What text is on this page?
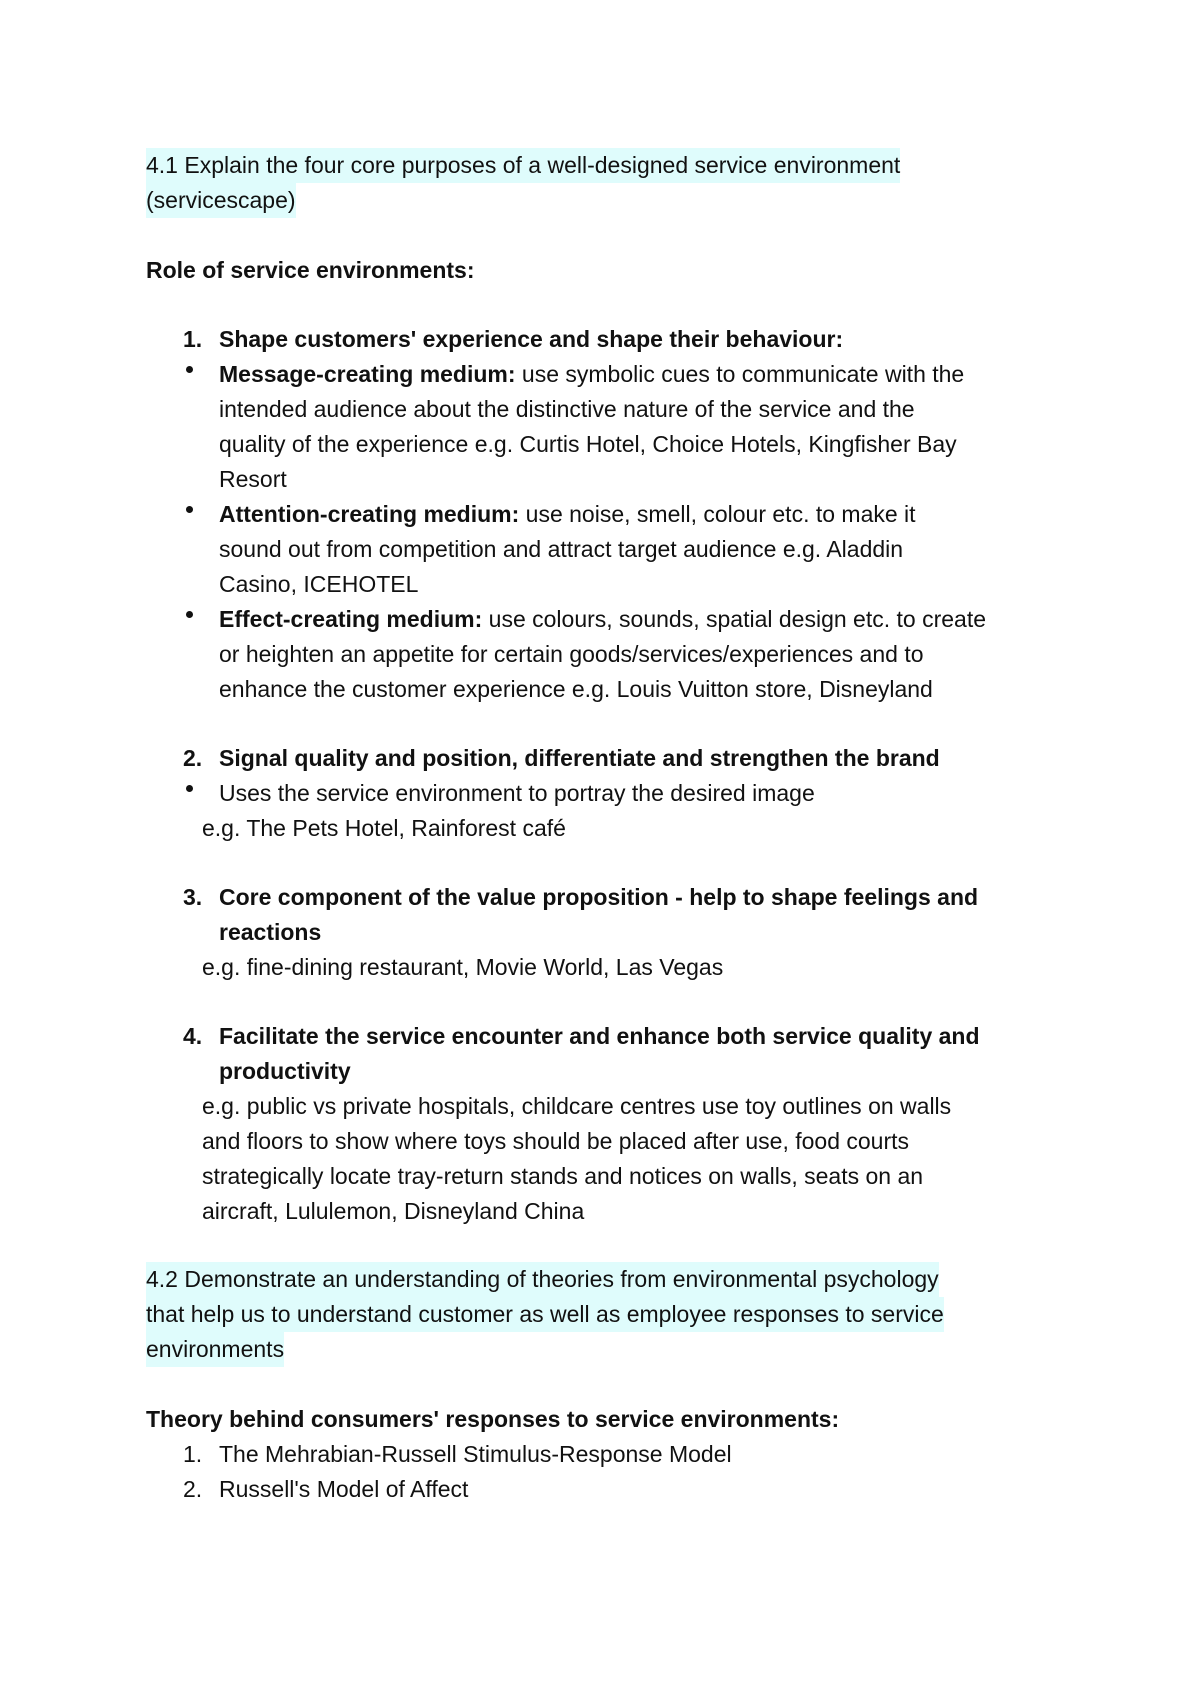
4.1 Explain the four core purposes of a well-designed service environment
(servicescape)
Role of service environments:
1. Shape customers' experience and shape their behaviour:
Message-creating medium: use symbolic cues to communicate with the
intended audience about the distinctive nature of the service and the
quality of the experience e.g. Curtis Hotel, Choice Hotels, Kingfisher Bay
Resort
Attention-creating medium: use noise, smell, colour etc. to make it
sound out from competition and attract target audience e.g. Aladdin
Casino, ICEHOTEL
Effect-creating medium: use colours, sounds, spatial design etc. to create
or heighten an appetite for certain goods/services/experiences and to
enhance the customer experience e.g. Louis Vuitton store, Disneyland
2. Signal quality and position, differentiate and strengthen the brand
Uses the service environment to portray the desired image
e.g. The Pets Hotel, Rainforest café
3. Core component of the value proposition - help to shape feelings and
reactions
e.g. fine-dining restaurant, Movie World, Las Vegas
4. Facilitate the service encounter and enhance both service quality and
productivity
e.g. public vs private hospitals, childcare centres use toy outlines on walls
and floors to show where toys should be placed after use, food courts
strategically locate tray-return stands and notices on walls, seats on an
aircraft, Lululemon, Disneyland China
4.2 Demonstrate an understanding of theories from environmental psychology
that help us to understand customer as well as employee responses to service
environments
Theory behind consumers' responses to service environments:
1. The Mehrabian-Russell Stimulus-Response Model
2. Russell's Model of Affect
